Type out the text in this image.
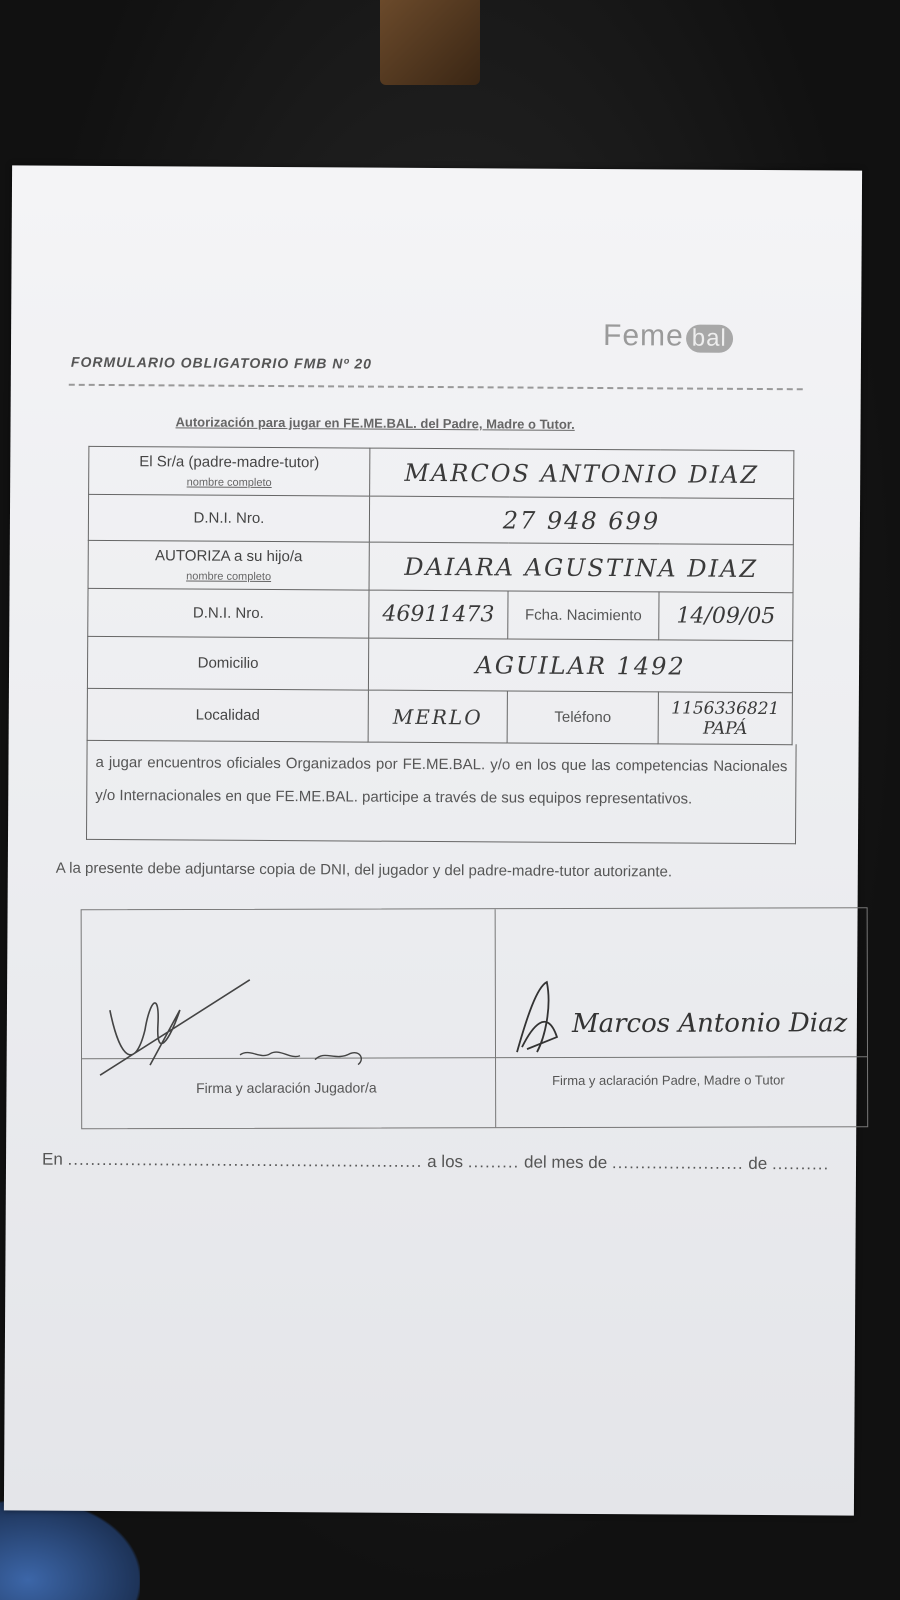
Feme bal
FORMULARIO OBLIGATORIO FMB Nº 20
Autorización para jugar en FE.ME.BAL. del Padre, Madre o Tutor.
El Sr/a (padre-madre-tutor)
nombre completo	MARCOS ANTONIO DIAZ		
D.N.I. Nro.	27 948 699		

AUTORIZA a su hijo/a
nombre completo	DAIARA AGUSTINA DIAZ		
D.N.I. Nro.	46911473	Fcha. Nacimiento	14/09/05
Domicilio	AGUILAR 1492		
Localidad	MERLO	Teléfono	1156336821 PAPÁ
a jugar encuentros oficiales Organizados por FE.ME.BAL. y/o en los que las competencias Nacionales y/o Internacionales en que FE.ME.BAL. participe a través de sus equipos representativos.
A la presente debe adjuntarse copia de DNI, del jugador y del padre-madre-tutor autorizante.
Marcos Antonio Diaz
Firma y aclaración Jugador/a	Firma y aclaración Padre, Madre o Tutor
En .............................................................. a los ......... del mes de ....................... de ..........
